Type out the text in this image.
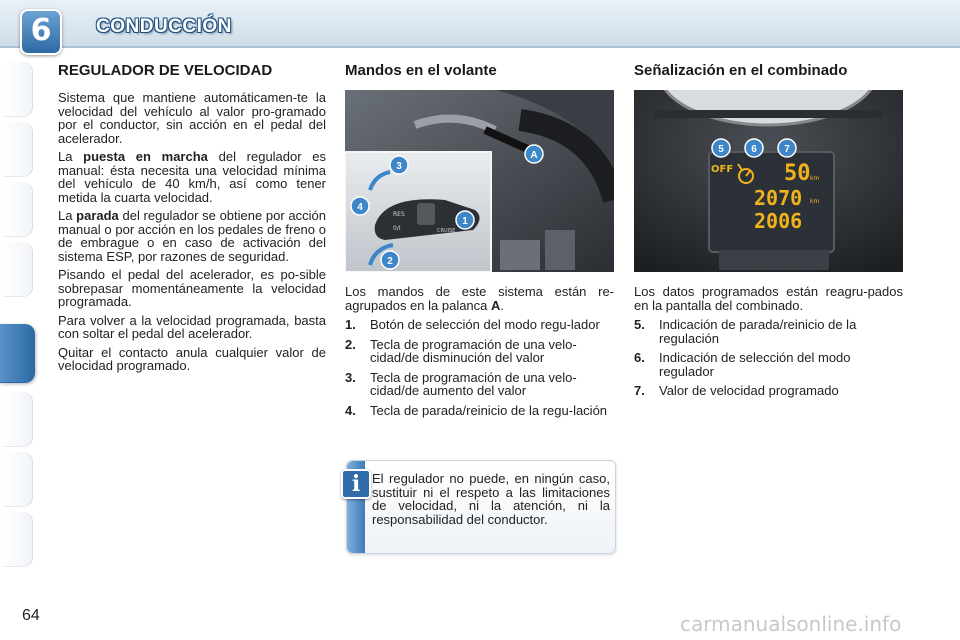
6	CONDUCCIÓN
REGULADOR DE VELOCIDAD

Sistema que mantiene automáticamen-te la velocidad del vehículo al valor pro-gramado por el conductor, sin acción en el pedal del acelerador.

La puesta en marcha del regulador es manual: ésta necesita una velocidad mínima del vehículo de 40 km/h, así como tener metida la cuarta velocidad.

La parada del regulador se obtiene por acción manual o por acción en los pedales de freno o de embrague o en caso de activación del sistema ESP, por razones de seguridad.

Pisando el pedal del acelerador, es po-sible sobrepasar momentáneamente la velocidad programada.

Para volver a la velocidad programada, basta con soltar el pedal del acelerador.

Quitar el contacto anula cualquier valor de velocidad programado.

Mandos en el volante
RES
0/I	CRUISE
3
4
1
2
A

Los mandos de este sistema están re-agrupados en la palanca A.

1.	Botón de selección del modo regu-lador
2.	Tecla de programación de una velo-cidad/de disminución del valor
3.	Tecla de programación de una velo-cidad/de aumento del valor
4.	Tecla de parada/reinicio de la regu-lación
i El regulador no puede, en ningún caso, sustituir ni el respeto a las limitaciones de velocidad, ni la atención, ni la responsabilidad del conductor.
Señalización en el combinado
OFF 50 km
2070 km
2006
5	6	7

Los datos programados están reagru-pados en la pantalla del combinado.

5.	Indicación de parada/reinicio de la regulación
6.	Indicación de selección del modo regulador
7.	Valor de velocidad programado
64	carmanualsonline.info
